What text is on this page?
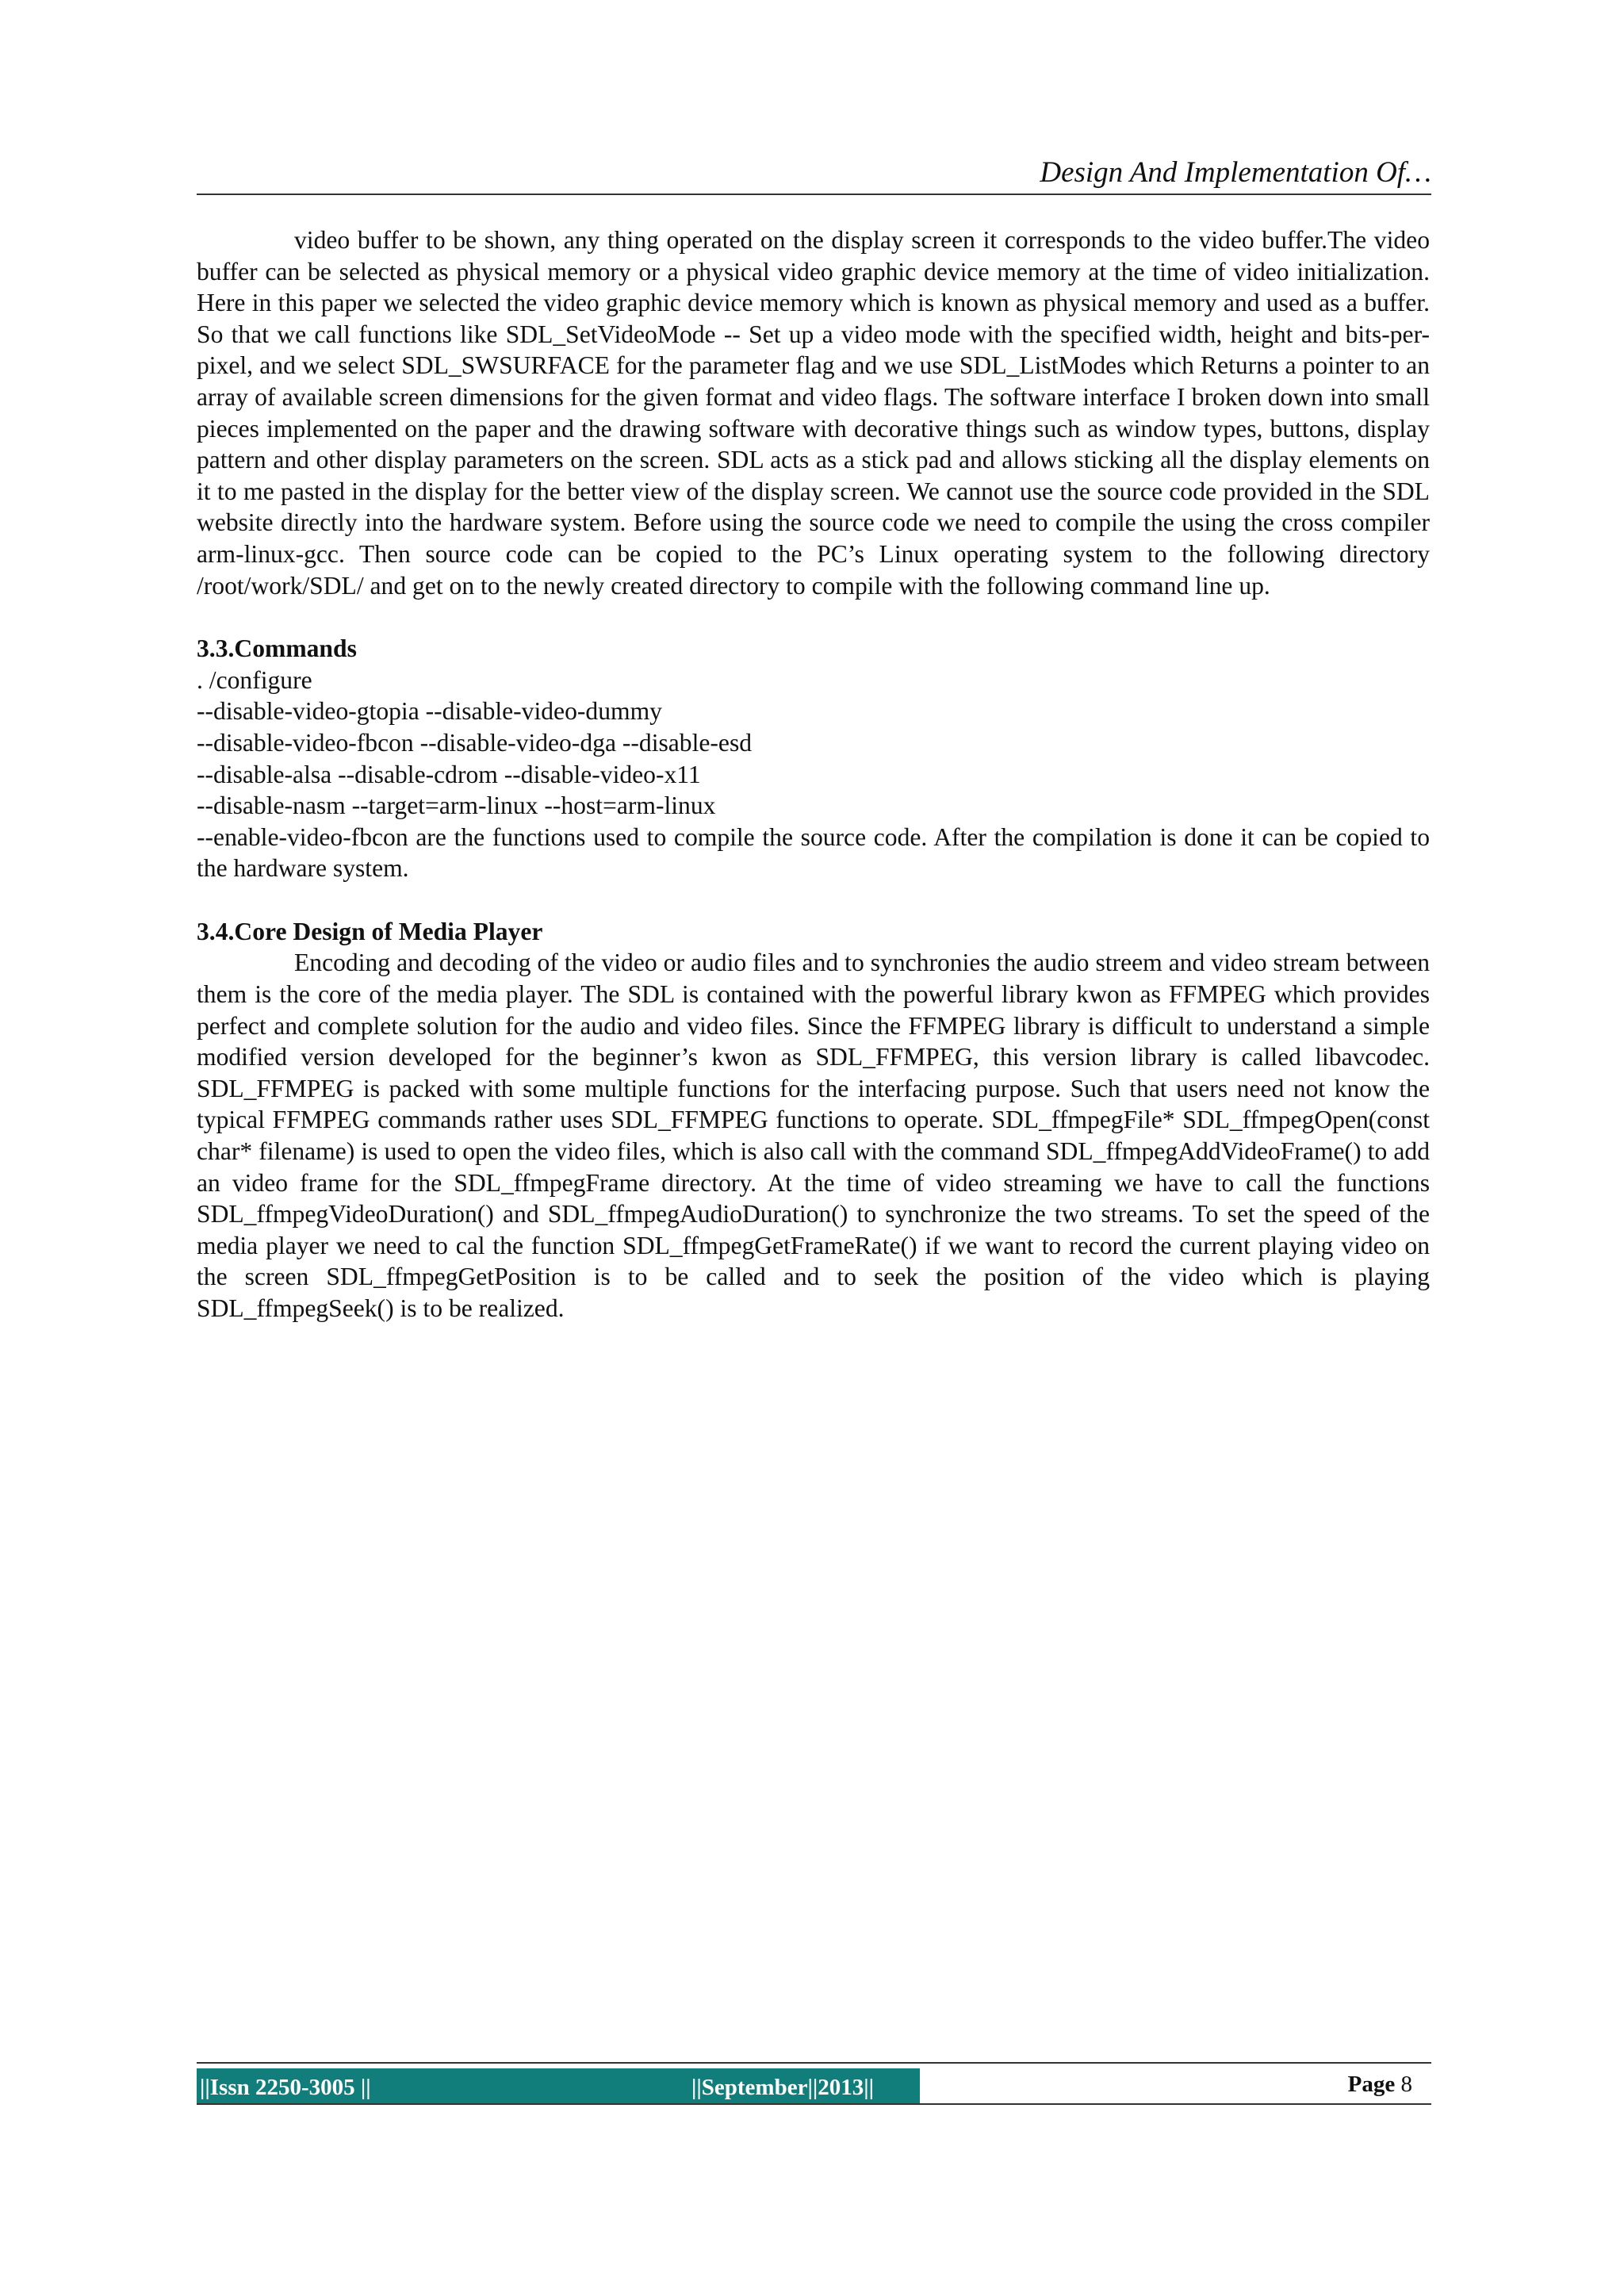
Design And Implementation Of…

video buffer to be shown, any thing operated on the display screen it corresponds to the video buffer.The video buffer can be selected as physical memory or a physical video graphic device memory at the time of video initialization. Here in this paper we selected the video graphic device memory which is known as physical memory and used as a buffer. So that we call functions like SDL_SetVideoMode -- Set up a video mode with the specified width, height and bits-per-pixel, and we select SDL_SWSURFACE for the parameter flag and we use SDL_ListModes which Returns a pointer to an array of available screen dimensions for the given format and video flags. The software interface I broken down into small pieces implemented on the paper and the drawing software with decorative things such as window types, buttons, display pattern and other display parameters on the screen. SDL acts as a stick pad and allows sticking all the display elements on it to me pasted in the display for the better view of the display screen. We cannot use the source code provided in the SDL website directly into the hardware system. Before using the source code we need to compile the using the cross compiler arm-linux-gcc. Then source code can be copied to the PC’s Linux operating system to the following directory /root/work/SDL/ and get on to the newly created directory to compile with the following command line up.

3.3.Commands

. /configure

--disable-video-gtopia --disable-video-dummy

--disable-video-fbcon --disable-video-dga --disable-esd

--disable-alsa --disable-cdrom --disable-video-x11

--disable-nasm --target=arm-linux --host=arm-linux

--enable-video-fbcon are the functions used to compile the source code. After the compilation is done it can be copied to the hardware system.

3.4.Core Design of Media Player

Encoding and decoding of the video or audio files and to synchronies the audio streem and video stream between them is the core of the media player. The SDL is contained with the powerful library kwon as FFMPEG which provides perfect and complete solution for the audio and video files. Since the FFMPEG library is difficult to understand a simple modified version developed for the beginner’s kwon as SDL_FFMPEG, this version library is called libavcodec. SDL_FFMPEG is packed with some multiple functions for the interfacing purpose. Such that users need not know the typical FFMPEG commands rather uses SDL_FFMPEG functions to operate. SDL_ffmpegFile* SDL_ffmpegOpen(const char* filename) is used to open the video files, which is also call with the command SDL_ffmpegAddVideoFrame() to add an video frame for the SDL_ffmpegFrame directory. At the time of video streaming we have to call the functions SDL_ffmpegVideoDuration() and SDL_ffmpegAudioDuration() to synchronize the two streams. To set the speed of the media player we need to cal the function SDL_ffmpegGetFrameRate() if we want to record the current playing video on the screen SDL_ffmpegGetPosition is to be called and to seek the position of the video which is playing SDL_ffmpegSeek() is to be realized.

||Issn 2250-3005 ||	||September||2013||	Page 8
